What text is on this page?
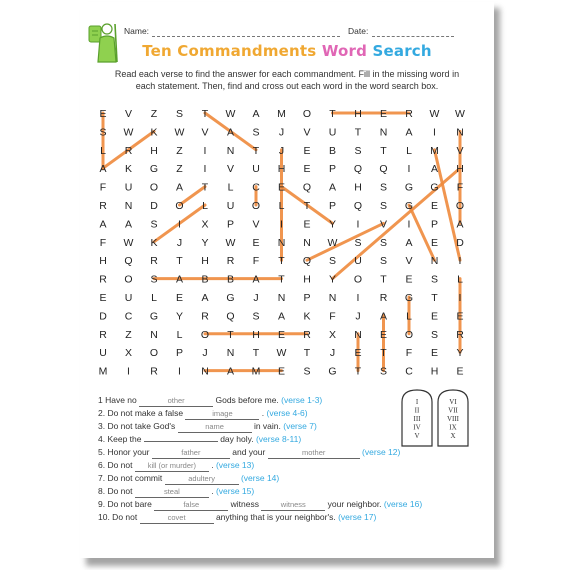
Name:	Date:
Ten Commandments Word Search
Read each verse to find the answer for each commandment. Fill in the missing word in each statement. Then, find and cross out each word in the word search box.
E V Z S T W A M O T H E R W W
S W K W V A S J V U T N A I N
L R H Z I N T J E B S T L M V
A K G Z I V U H E P Q Q I A H
F U O A T L C E Q A H S G G F
R N D O L U O L T P Q S G E O
A A S I X P V I E Y I V I P A
F W K J Y W E N N W S S A E D
H Q R T H R F T Q S U S V N I
R O S A B B A T H Y O T E S L
E U L E A G J N P N I R G T I
D C G Y R Q S A K F J A L E E
R Z N L O T H E R X N E O S R
U X O P J N T W T J E T F E Y
M I R I N A M E S G T S C H E
1 Have no	other	Gods before me. (verse 1-3)
2. Do not make a false	image	. (verse 4-6)
3. Do not take God's	name	in vain. (verse 7)
4. Keep the	day holy. (verse 8-11)
5. Honor your	father	and your	mother	(verse 12)
6. Do not kill (or murder) . (verse 13)
7. Do not commit	adultery	(verse 14)
8. Do not	steal	. (verse 15)
9. Do not bare	false	witness	witness your neighbor. (verse 16)
10. Do not	covet	anything that is your neighbor's. (verse 17)
I
II
III
IV
V
VI
VII
VIII
IX
X
